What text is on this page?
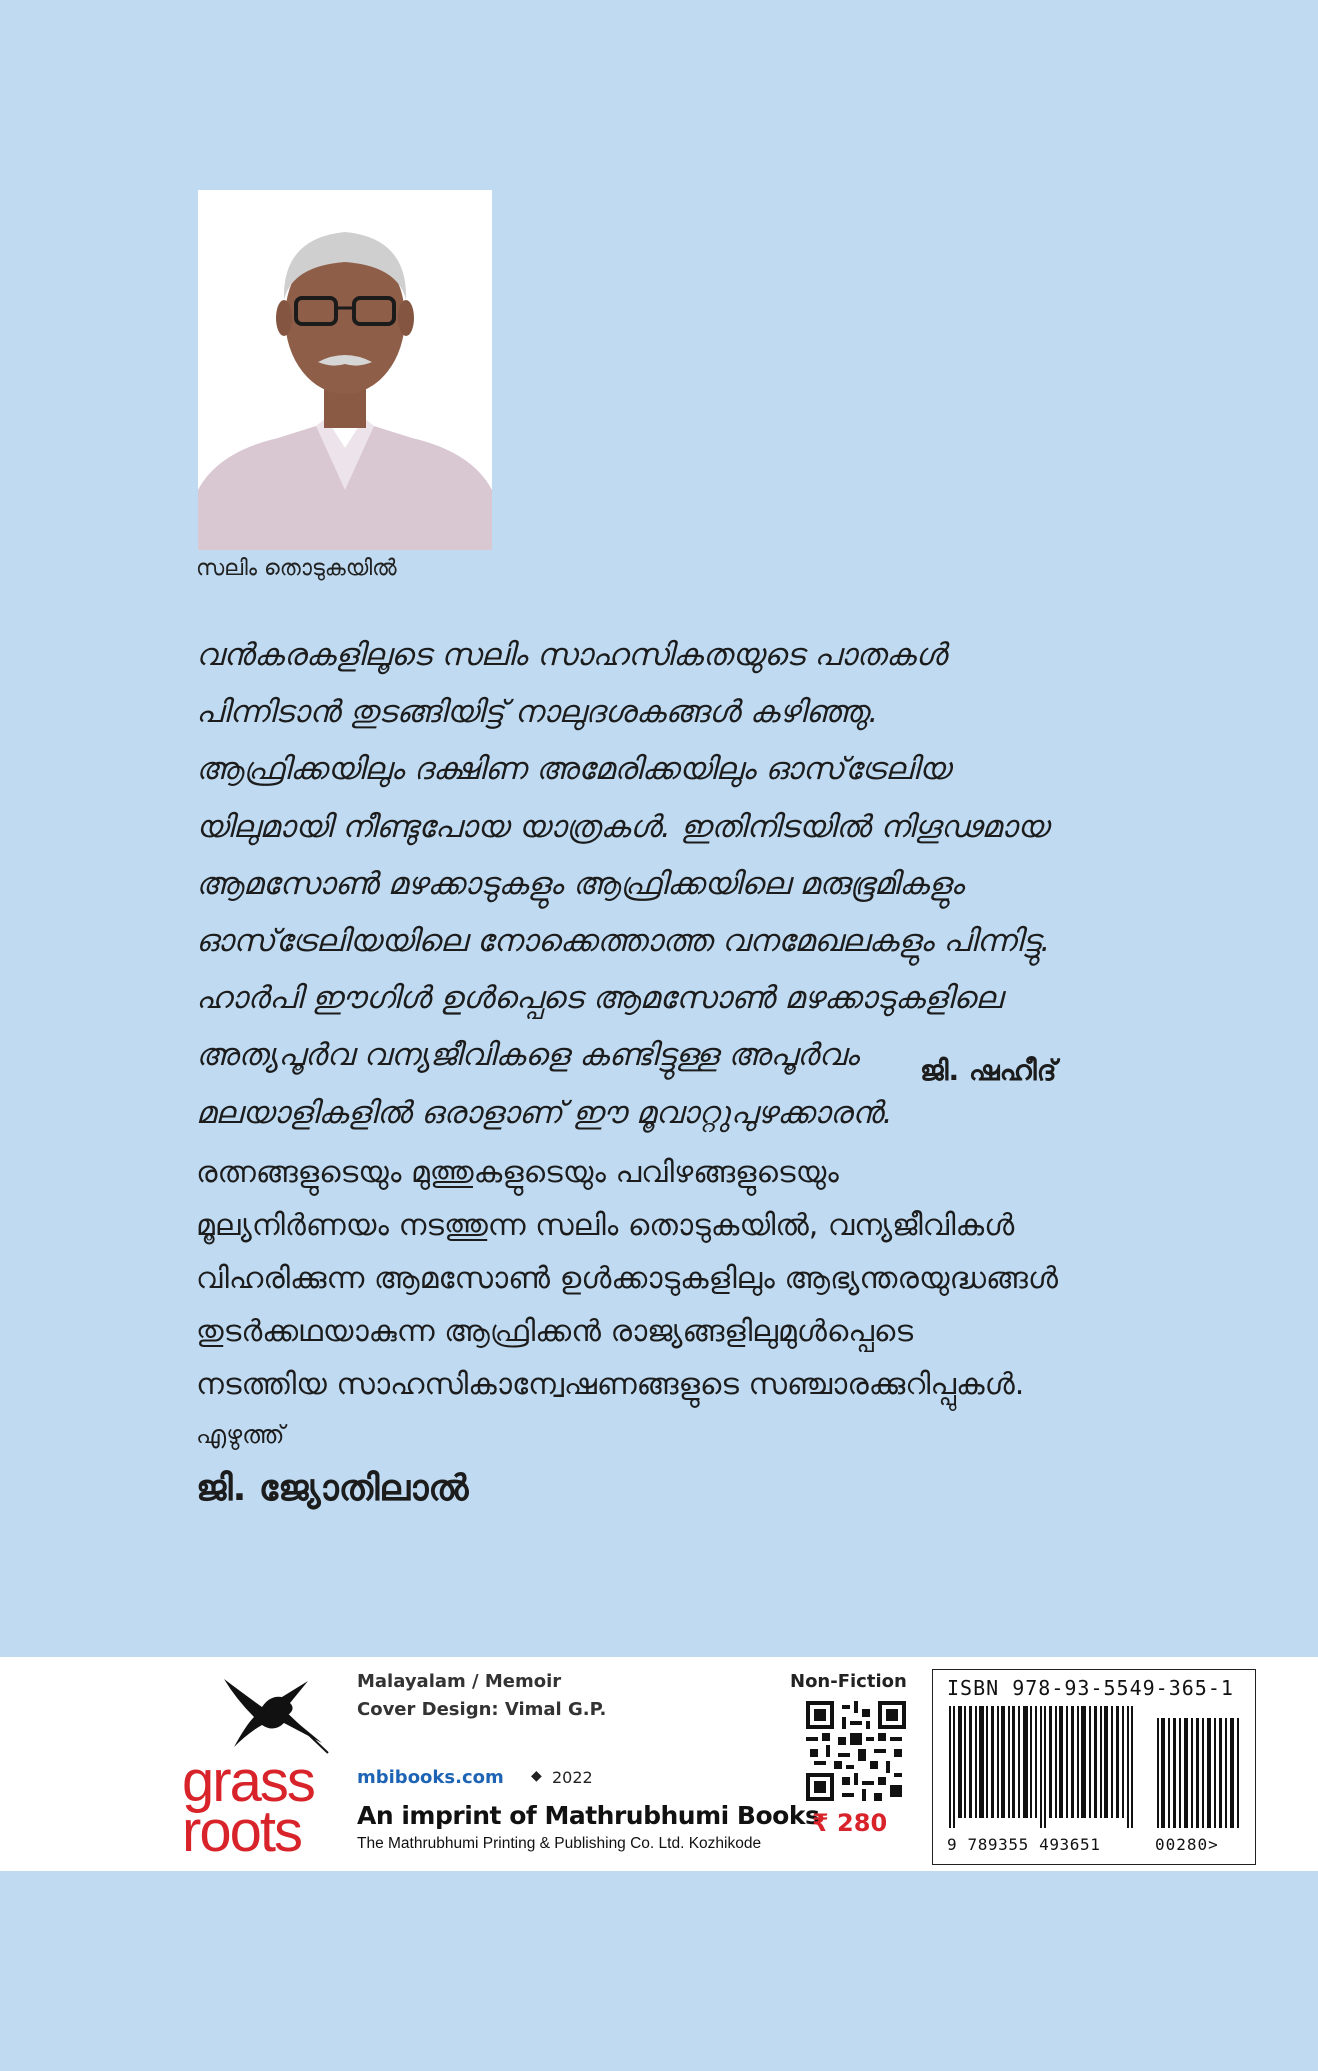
സലിം തൊടുകയിൽ

വൻകരകളിലൂടെ സലിം സാഹസികതയുടെ പാതകൾ

പിന്നിടാൻ തുടങ്ങിയിട്ട് നാലുദശകങ്ങൾ കഴിഞ്ഞു.

ആഫ്രിക്കയിലും ദക്ഷിണ അമേരിക്കയിലും ഓസ്‌ട്രേലിയ

യിലുമായി നീണ്ടുപോയ യാത്രകൾ. ഇതിനിടയിൽ നിഗൂഢമായ

ആമസോൺ മഴക്കാടുകളും ആഫ്രിക്കയിലെ മരുഭൂമികളും

ഓസ്‌ട്രേലിയയിലെ നോക്കെത്താത്ത വനമേഖലകളും പിന്നിട്ടു.

ഹാർപി ഈഗിൾ ഉൾപ്പെടെ ആമസോൺ മഴക്കാടുകളിലെ

അത്യപൂർവ വന്യജീവികളെ കണ്ടിട്ടുള്ള അപൂർവം

മലയാളികളിൽ ഒരാളാണ് ഈ മൂവാറ്റുപുഴക്കാരൻ.

ജി. ഷഹീദ്

രത്നങ്ങളുടെയും മുത്തുകളുടെയും പവിഴങ്ങളുടെയും

മൂല്യനിർണയം നടത്തുന്ന സലിം തൊടുകയിൽ, വന്യജീവികൾ

വിഹരിക്കുന്ന ആമസോൺ ഉൾക്കാടുകളിലും ആഭ്യന്തരയുദ്ധങ്ങൾ

തുടർക്കഥയാകുന്ന ആഫ്രിക്കൻ രാജ്യങ്ങളിലുമുൾപ്പെടെ

നടത്തിയ സാഹസികാന്വേഷണങ്ങളുടെ സഞ്ചാരക്കുറിപ്പുകൾ.

എഴുത്ത്
ജി. ജ്യോതിലാൽ
grass
roots
Malayalam / Memoir
Cover Design: Vimal G.P.
mbibooks.com ◆ 2022
An imprint of Mathrubhumi Books
The Mathrubhumi Printing & Publishing Co. Ltd. Kozhikode
Non-Fiction
₹ 280
ISBN 978-93-5549-365-1
9 789355 493651	00280>
